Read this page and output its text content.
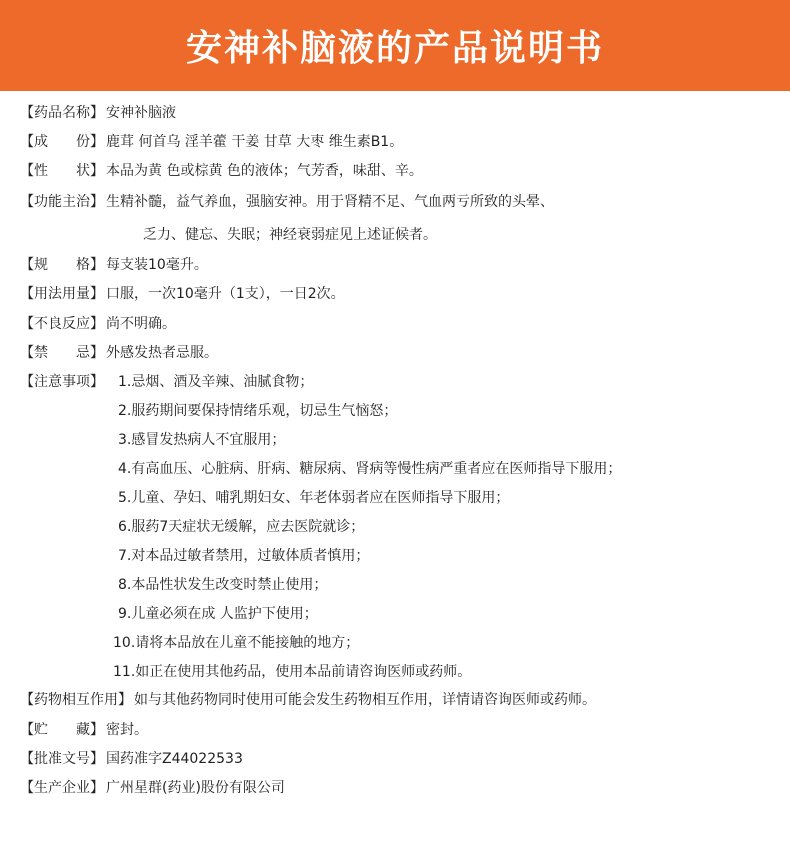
安神补脑液的产品说明书
【药品名称】 安神补脑液
【成　　份】 鹿茸 何首乌 淫羊藿 干姜 甘草 大枣 维生素B1。
【性　　状】 本品为黄 色或棕黄 色的液体；气芳香，味甜、辛。
【功能主治】 生精补髓，益气养血，强脑安神。用于肾精不足、气血两亏所致的头晕、
乏力、健忘、失眠；神经衰弱症见上述证候者。
【规　　格】 每支装10毫升。
【用法用量】 口服，一次10毫升（1支），一日2次。
【不良反应】 尚不明确。
【禁　　忌】 外感发热者忌服。
【注意事项】 1.忌烟、酒及辛辣、油腻食物；
2.服药期间要保持情绪乐观，切忌生气恼怒；
3.感冒发热病人不宜服用；
4.有高血压、心脏病、肝病、糖尿病、肾病等慢性病严重者应在医师指导下服用；
5.儿童、孕妇、哺乳期妇女、年老体弱者应在医师指导下服用；
6.服药7天症状无缓解，应去医院就诊；
7.对本品过敏者禁用，过敏体质者慎用；
8.本品性状发生改变时禁止使用；
9.儿童必须在成 人监护下使用；
10.请将本品放在儿童不能接触的地方；
11.如正在使用其他药品，使用本品前请咨询医师或药师。
【药物相互作用】 如与其他药物同时使用可能会发生药物相互作用，详情请咨询医师或药师。
【贮　　藏】 密封。
【批准文号】 国药准字Z44022533
【生产企业】 广州星群(药业)股份有限公司
